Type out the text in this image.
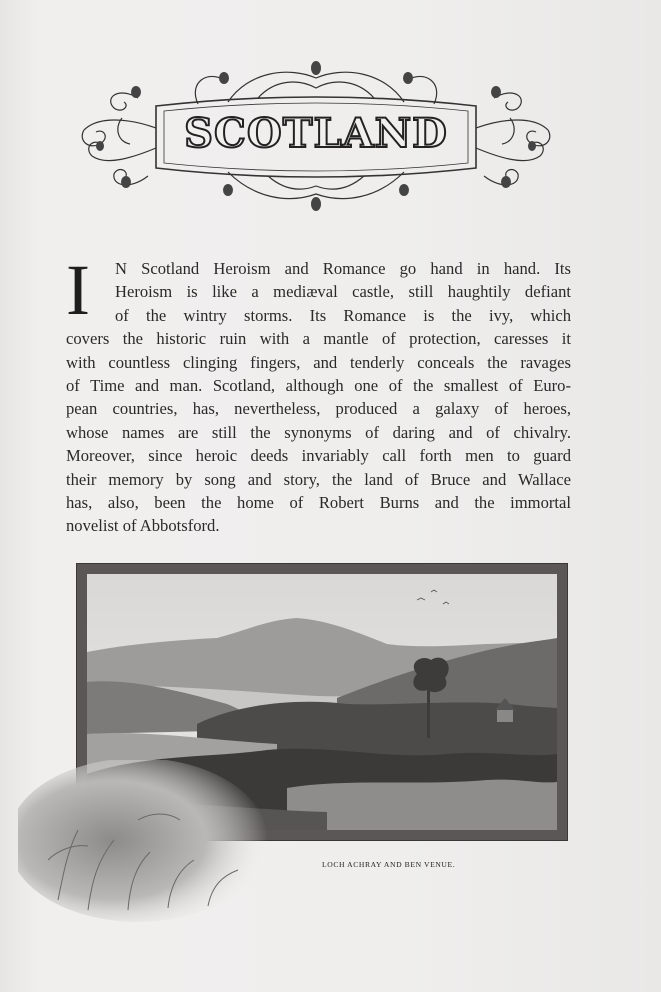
SCOTLAND
I	N Scotland Heroism and Romance go hand in hand. Its
Heroism is like a mediæval castle, still haughtily defiant
of the wintry storms. Its Romance is the ivy, which
covers the historic ruin with a mantle of protection, caresses it
with countless clinging fingers, and tenderly conceals the ravages
of Time and man. Scotland, although one of the smallest of Euro-
pean countries, has, nevertheless, produced a galaxy of heroes,
whose names are still the synonyms of daring and of chivalry.
Moreover, since heroic deeds invariably call forth men to guard
their memory by song and story, the land of Bruce and Wallace
has, also, been the home of Robert Burns and the immortal
novelist of Abbotsford.
LOCH ACHRAY AND BEN VENUE.
